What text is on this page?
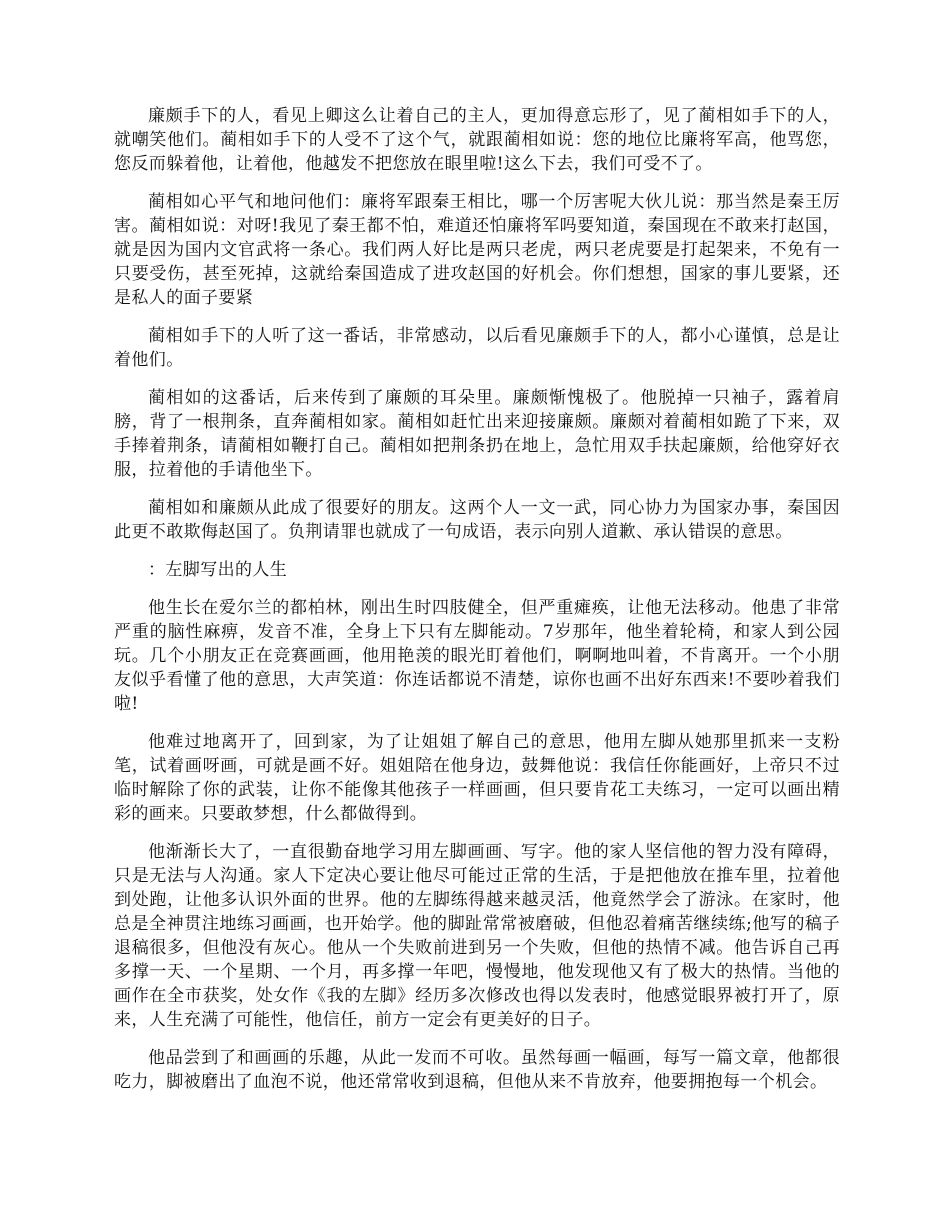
廉颇手下的人，看见上卿这么让着自己的主人，更加得意忘形了，见了蔺相如手下的人，就嘲笑他们。蔺相如手下的人受不了这个气，就跟蔺相如说：您的地位比廉将军高，他骂您，您反而躲着他，让着他，他越发不把您放在眼里啦!这么下去，我们可受不了。

蔺相如心平气和地问他们：廉将军跟秦王相比，哪一个厉害呢大伙儿说：那当然是秦王厉害。蔺相如说：对呀!我见了秦王都不怕，难道还怕廉将军吗要知道，秦国现在不敢来打赵国，就是因为国内文官武将一条心。我们两人好比是两只老虎，两只老虎要是打起架来，不免有一只要受伤，甚至死掉，这就给秦国造成了进攻赵国的好机会。你们想想，国家的事儿要紧，还是私人的面子要紧

蔺相如手下的人听了这一番话，非常感动，以后看见廉颇手下的人，都小心谨慎，总是让着他们。

蔺相如的这番话，后来传到了廉颇的耳朵里。廉颇惭愧极了。他脱掉一只袖子，露着肩膀，背了一根荆条，直奔蔺相如家。蔺相如赶忙出来迎接廉颇。廉颇对着蔺相如跪了下来，双手捧着荆条，请蔺相如鞭打自己。蔺相如把荆条扔在地上，急忙用双手扶起廉颇，给他穿好衣服，拉着他的手请他坐下。

蔺相如和廉颇从此成了很要好的朋友。这两个人一文一武，同心协力为国家办事，秦国因此更不敢欺侮赵国了。负荆请罪也就成了一句成语，表示向别人道歉、承认错误的意思。

：左脚写出的人生

他生长在爱尔兰的都柏林，刚出生时四肢健全，但严重瘫痪，让他无法移动。他患了非常严重的脑性麻痹，发音不准，全身上下只有左脚能动。7岁那年，他坐着轮椅，和家人到公园玩。几个小朋友正在竞赛画画，他用艳羡的眼光盯着他们，啊啊地叫着，不肯离开。一个小朋友似乎看懂了他的意思，大声笑道：你连话都说不清楚，谅你也画不出好东西来!不要吵着我们啦!

他难过地离开了，回到家，为了让姐姐了解自己的意思，他用左脚从她那里抓来一支粉笔，试着画呀画，可就是画不好。姐姐陪在他身边，鼓舞他说：我信任你能画好，上帝只不过临时解除了你的武装，让你不能像其他孩子一样画画，但只要肯花工夫练习，一定可以画出精彩的画来。只要敢梦想，什么都做得到。

他渐渐长大了，一直很勤奋地学习用左脚画画、写字。他的家人坚信他的智力没有障碍，只是无法与人沟通。家人下定决心要让他尽可能过正常的生活，于是把他放在推车里，拉着他到处跑，让他多认识外面的世界。他的左脚练得越来越灵活，他竟然学会了游泳。在家时，他总是全神贯注地练习画画，也开始学。他的脚趾常常被磨破，但他忍着痛苦继续练;他写的稿子退稿很多，但他没有灰心。他从一个失败前进到另一个失败，但他的热情不减。他告诉自己再多撑一天、一个星期、一个月，再多撑一年吧，慢慢地，他发现他又有了极大的热情。当他的画作在全市获奖，处女作《我的左脚》经历多次修改也得以发表时，他感觉眼界被打开了，原来，人生充满了可能性，他信任，前方一定会有更美好的日子。

他品尝到了和画画的乐趣，从此一发而不可收。虽然每画一幅画，每写一篇文章，他都很吃力，脚被磨出了血泡不说，他还常常收到退稿，但他从来不肯放弃，他要拥抱每一个机会。
